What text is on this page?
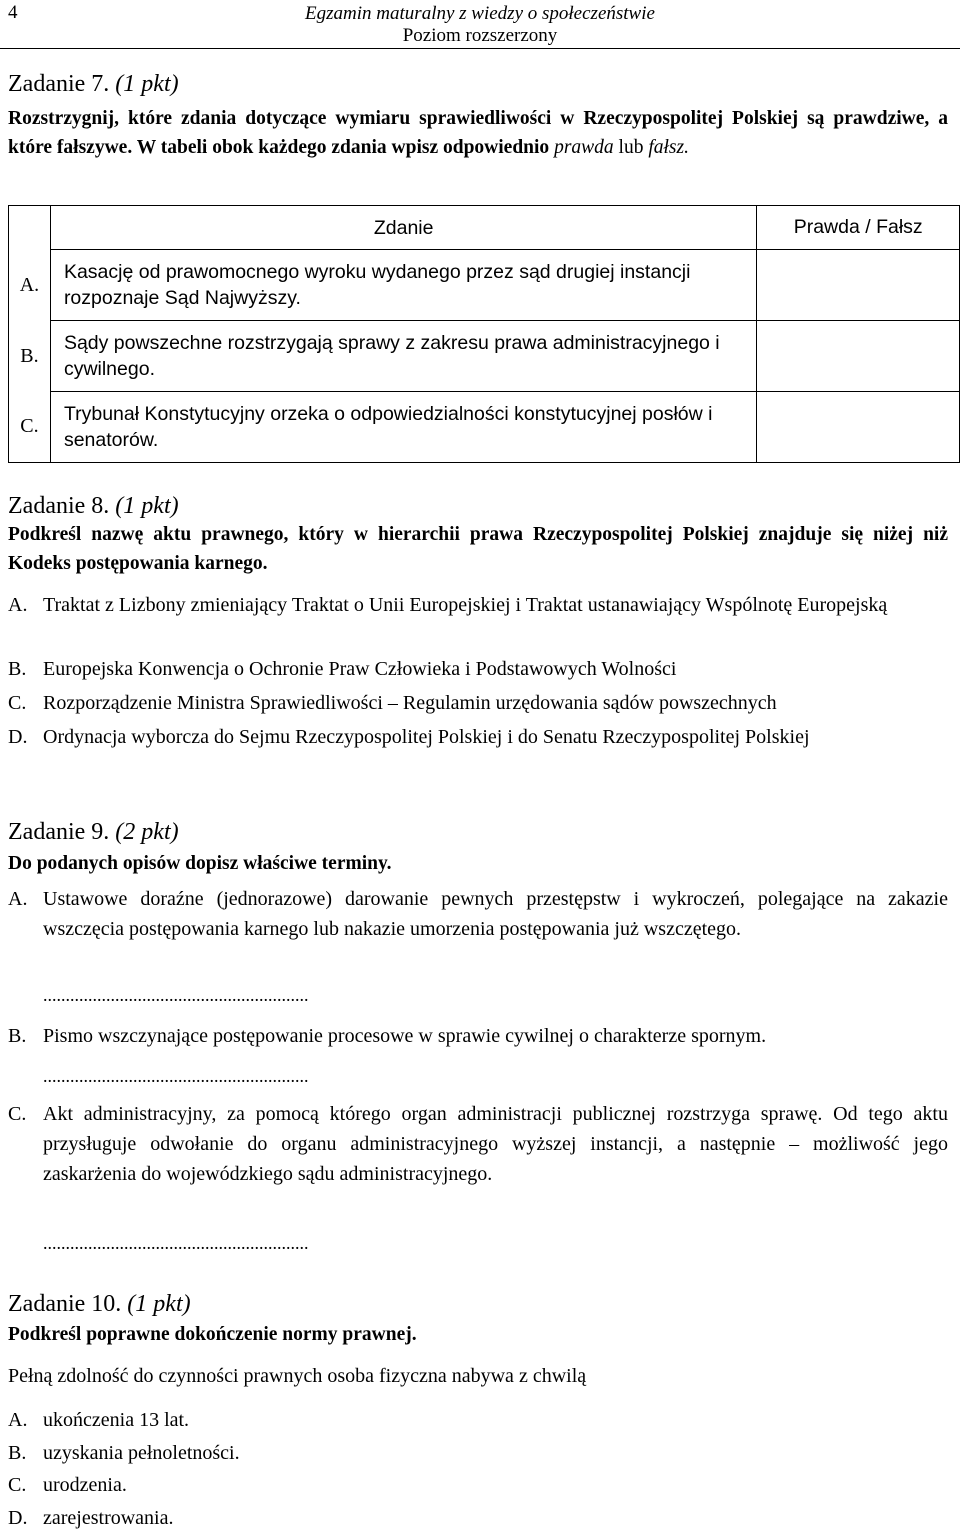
4	Egzamin maturalny z wiedzy o społeczeństwie
Poziom rozszerzony
Zadanie 7. (1 pkt)
Rozstrzygnij, które zdania dotyczące wymiaru sprawiedliwości w Rzeczypospolitej Polskiej są prawdziwe, a które fałszywe. W tabeli obok każdego zdania wpisz odpowiednio prawda lub fałsz.
	Zdanie	Prawda / Fałsz
A.	Kasację od prawomocnego wyroku wydanego przez sąd drugiej instancji rozpoznaje Sąd Najwyższy.	
B.	Sądy powszechne rozstrzygają sprawy z zakresu prawa administracyjnego i cywilnego.	
C.	Trybunał Konstytucyjny orzeka o odpowiedzialności konstytucyjnej posłów i senatorów.	
Zadanie 8. (1 pkt)
Podkreśl nazwę aktu prawnego, który w hierarchii prawa Rzeczypospolitej Polskiej znajduje się niżej niż Kodeks postępowania karnego.
A. Traktat z Lizbony zmieniający Traktat o Unii Europejskiej i Traktat ustanawiający Wspólnotę Europejską
B. Europejska Konwencja o Ochronie Praw Człowieka i Podstawowych Wolności
C. Rozporządzenie Ministra Sprawiedliwości – Regulamin urzędowania sądów powszechnych
D. Ordynacja wyborcza do Sejmu Rzeczypospolitej Polskiej i do Senatu Rzeczypospolitej Polskiej
Zadanie 9. (2 pkt)
Do podanych opisów dopisz właściwe terminy.
A. Ustawowe doraźne (jednorazowe) darowanie pewnych przestępstw i wykroczeń, polegające na zakazie wszczęcia postępowania karnego lub nakazie umorzenia postępowania już wszczętego.
...........................................................
B. Pismo wszczynające postępowanie procesowe w sprawie cywilnej o charakterze spornym.
...........................................................
C. Akt administracyjny, za pomocą którego organ administracji publicznej rozstrzyga sprawę. Od tego aktu przysługuje odwołanie do organu administracyjnego wyższej instancji, a następnie – możliwość jego zaskarżenia do wojewódzkiego sądu administracyjnego.
...........................................................
Zadanie 10. (1 pkt)
Podkreśl poprawne dokończenie normy prawnej.
Pełną zdolność do czynności prawnych osoba fizyczna nabywa z chwilą
A. ukończenia 13 lat.
B. uzyskania pełnoletności.
C. urodzenia.
D. zarejestrowania.
